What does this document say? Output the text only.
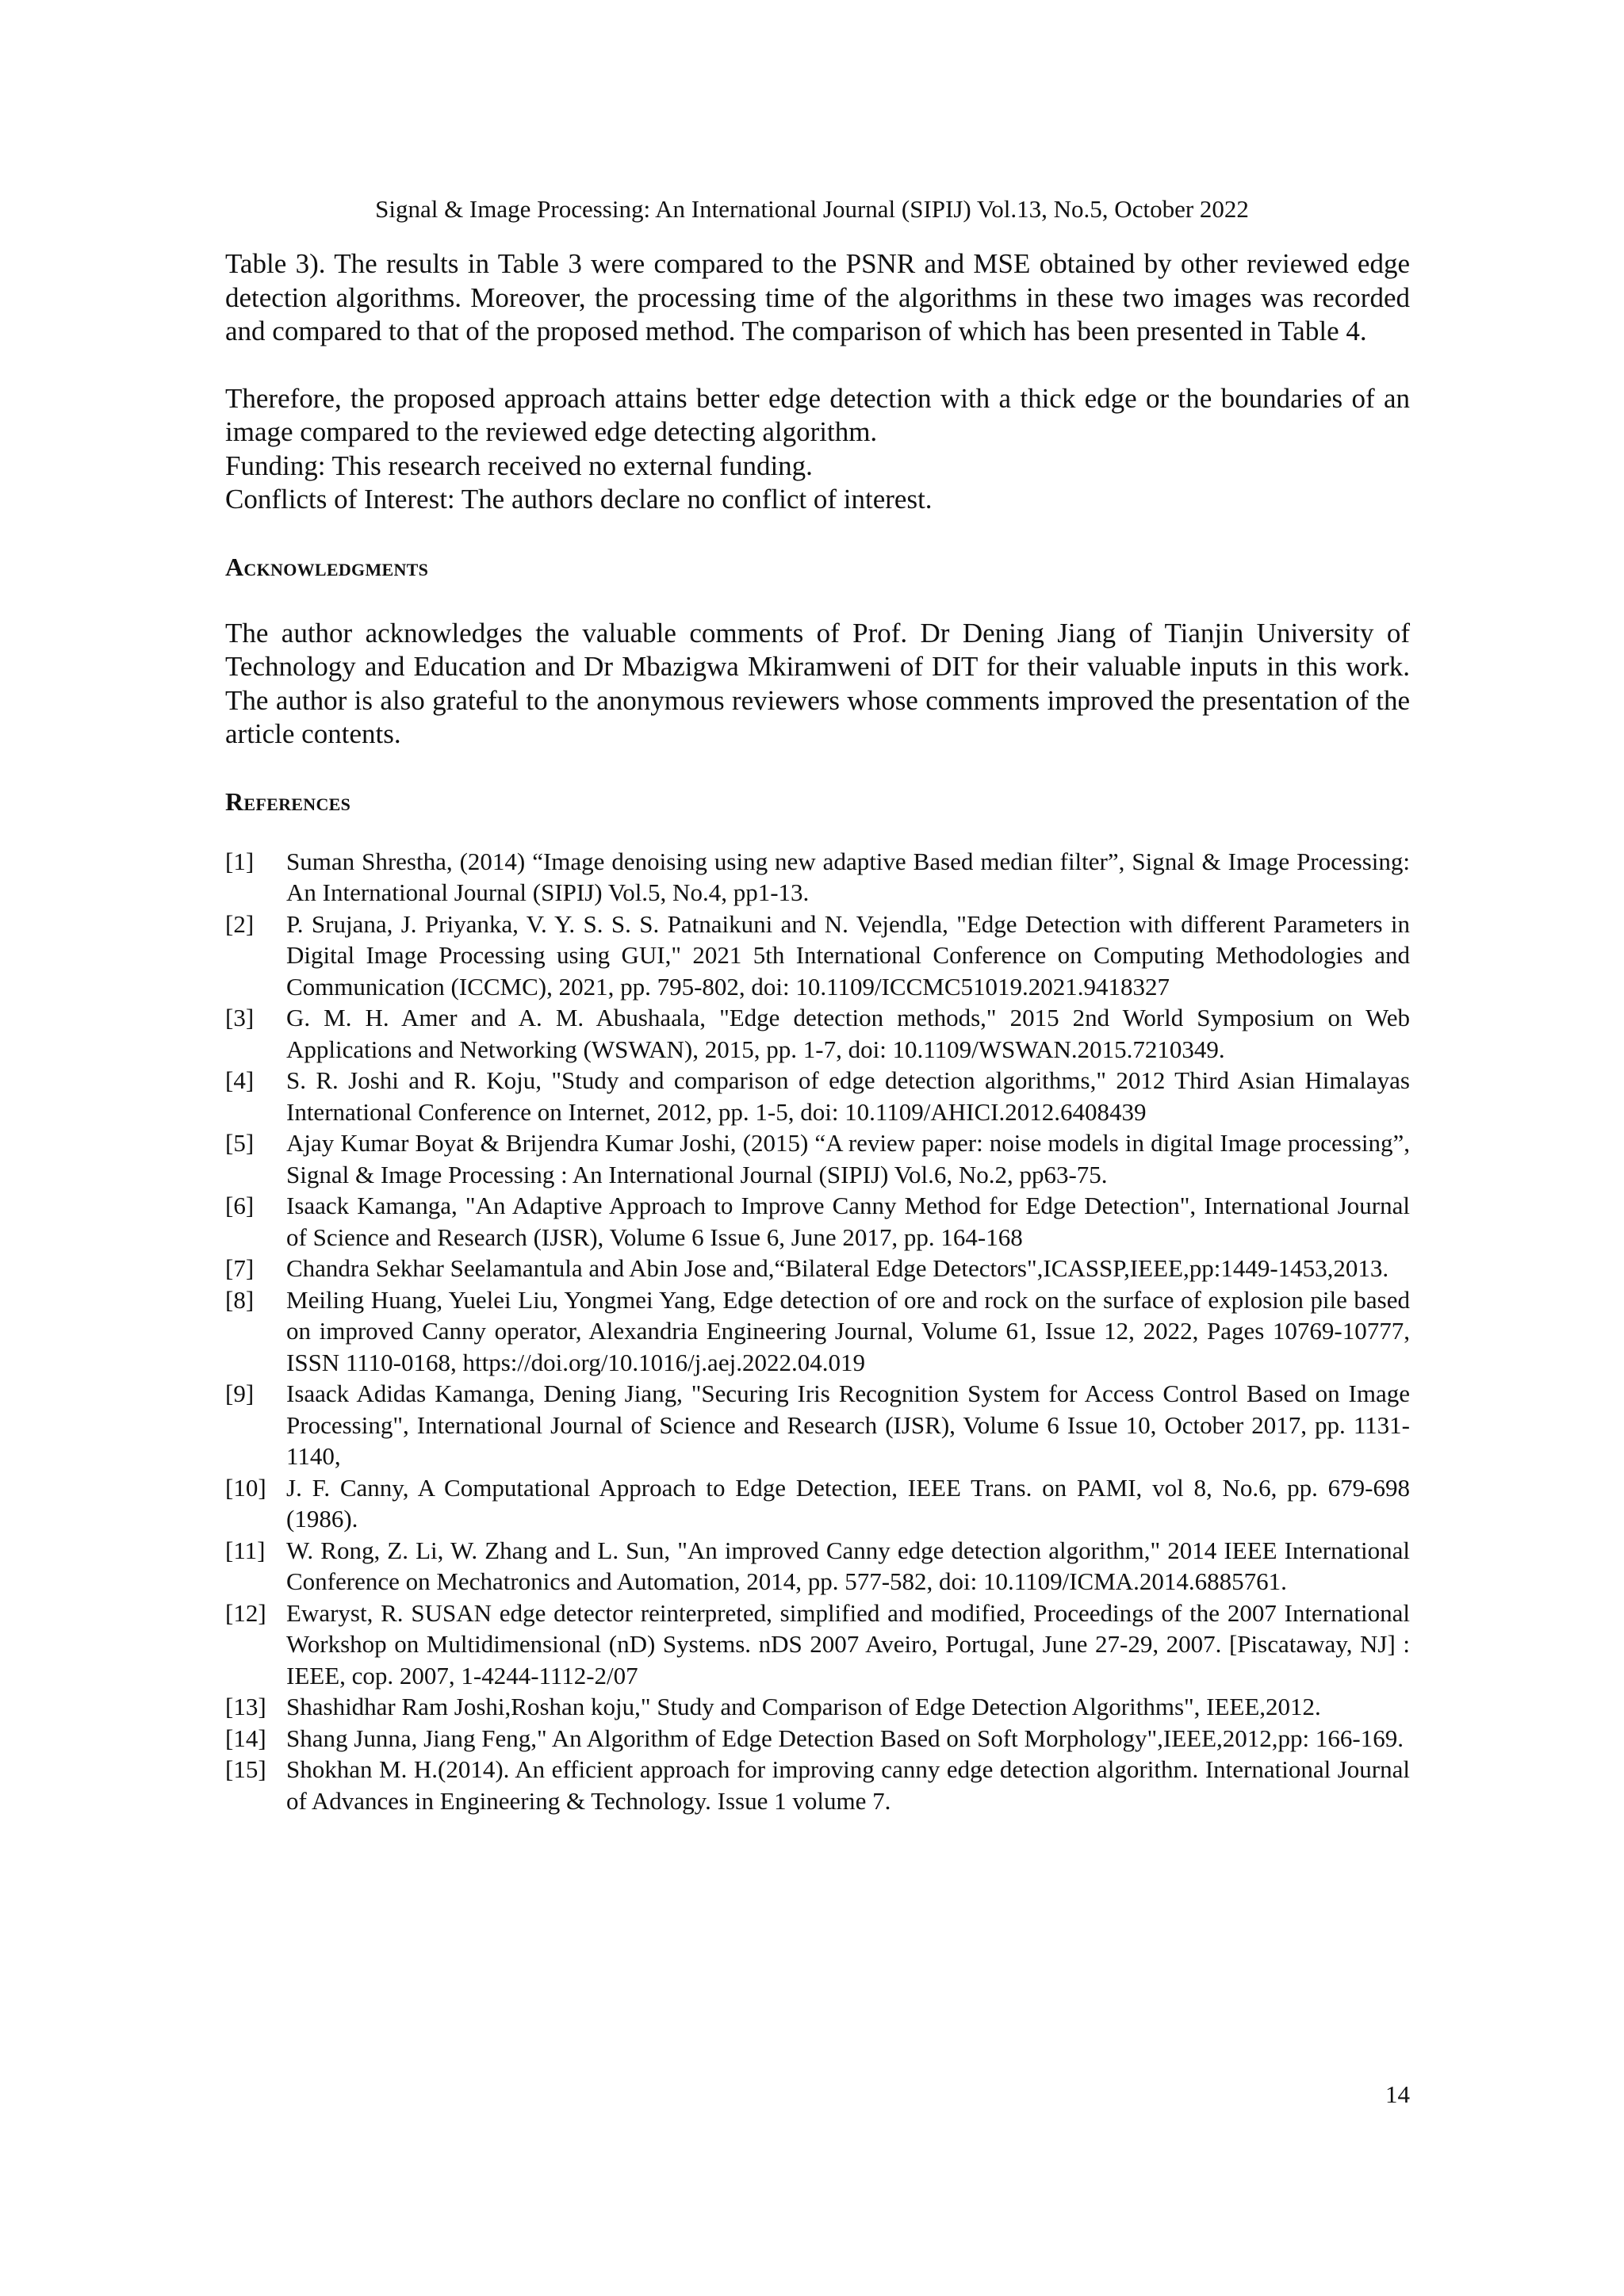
Signal & Image Processing: An International Journal (SIPIJ) Vol.13, No.5, October 2022

Table 3). The results in Table 3 were compared to the PSNR and MSE obtained by other reviewed edge detection algorithms. Moreover, the processing time of the algorithms in these two images was recorded and compared to that of the proposed method. The comparison of which has been presented in Table 4.

Therefore, the proposed approach attains better edge detection with a thick edge or the boundaries of an image compared to the reviewed edge detecting algorithm.

Funding: This research received no external funding.

Conflicts of Interest: The authors declare no conflict of interest.

Acknowledgments

The author acknowledges the valuable comments of Prof. Dr Dening Jiang of Tianjin University of Technology and Education and Dr Mbazigwa Mkiramweni of DIT for their valuable inputs in this work. The author is also grateful to the anonymous reviewers whose comments improved the presentation of the article contents.

References
[1]	Suman Shrestha, (2014) “Image denoising using new adaptive Based median filter”, Signal & Image Processing: An International Journal (SIPIJ) Vol.5, No.4, pp1-13.
[2]	P. Srujana, J. Priyanka, V. Y. S. S. S. Patnaikuni and N. Vejendla, "Edge Detection with different Parameters in Digital Image Processing using GUI," 2021 5th International Conference on Computing Methodologies and Communication (ICCMC), 2021, pp. 795-802, doi: 10.1109/ICCMC51019.2021.9418327
[3]	G. M. H. Amer and A. M. Abushaala, "Edge detection methods," 2015 2nd World Symposium on Web Applications and Networking (WSWAN), 2015, pp. 1-7, doi: 10.1109/WSWAN.2015.7210349.
[4]	S. R. Joshi and R. Koju, "Study and comparison of edge detection algorithms," 2012 Third Asian Himalayas International Conference on Internet, 2012, pp. 1-5, doi: 10.1109/AHICI.2012.6408439
[5]	Ajay Kumar Boyat & Brijendra Kumar Joshi, (2015) “A review paper: noise models in digital Image processing”, Signal & Image Processing : An International Journal (SIPIJ) Vol.6, No.2, pp63-75.
[6]	Isaack Kamanga, "An Adaptive Approach to Improve Canny Method for Edge Detection", International Journal of Science and Research (IJSR), Volume 6 Issue 6, June 2017, pp. 164-168
[7]	Chandra Sekhar Seelamantula and Abin Jose and,“Bilateral Edge Detectors",ICASSP,IEEE,pp:1449-1453,2013.
[8]	Meiling Huang, Yuelei Liu, Yongmei Yang, Edge detection of ore and rock on the surface of explosion pile based on improved Canny operator, Alexandria Engineering Journal, Volume 61, Issue 12, 2022, Pages 10769-10777, ISSN 1110-0168, https://doi.org/10.1016/j.aej.2022.04.019
[9]	Isaack Adidas Kamanga, Dening Jiang, "Securing Iris Recognition System for Access Control Based on Image Processing", International Journal of Science and Research (IJSR), Volume 6 Issue 10, October 2017, pp. 1131-1140,
[10] J. F. Canny, A Computational Approach to Edge Detection, IEEE Trans. on PAMI, vol 8, No.6, pp. 679-698 (1986).
[11] W. Rong, Z. Li, W. Zhang and L. Sun, "An improved Canny edge detection algorithm," 2014 IEEE International Conference on Mechatronics and Automation, 2014, pp. 577-582, doi: 10.1109/ICMA.2014.6885761.
[12] Ewaryst, R. SUSAN edge detector reinterpreted, simplified and modified, Proceedings of the 2007 International Workshop on Multidimensional (nD) Systems. nDS 2007 Aveiro, Portugal, June 27-29, 2007. [Piscataway, NJ] : IEEE, cop. 2007, 1-4244-1112-2/07
[13] Shashidhar Ram Joshi,Roshan koju," Study and Comparison of Edge Detection Algorithms", IEEE,2012.
[14] Shang Junna, Jiang Feng," An Algorithm of Edge Detection Based on Soft Morphology",IEEE,2012,pp: 166-169.
[15] Shokhan M. H.(2014). An efficient approach for improving canny edge detection algorithm. International Journal of Advances in Engineering & Technology. Issue 1 volume 7.
14
